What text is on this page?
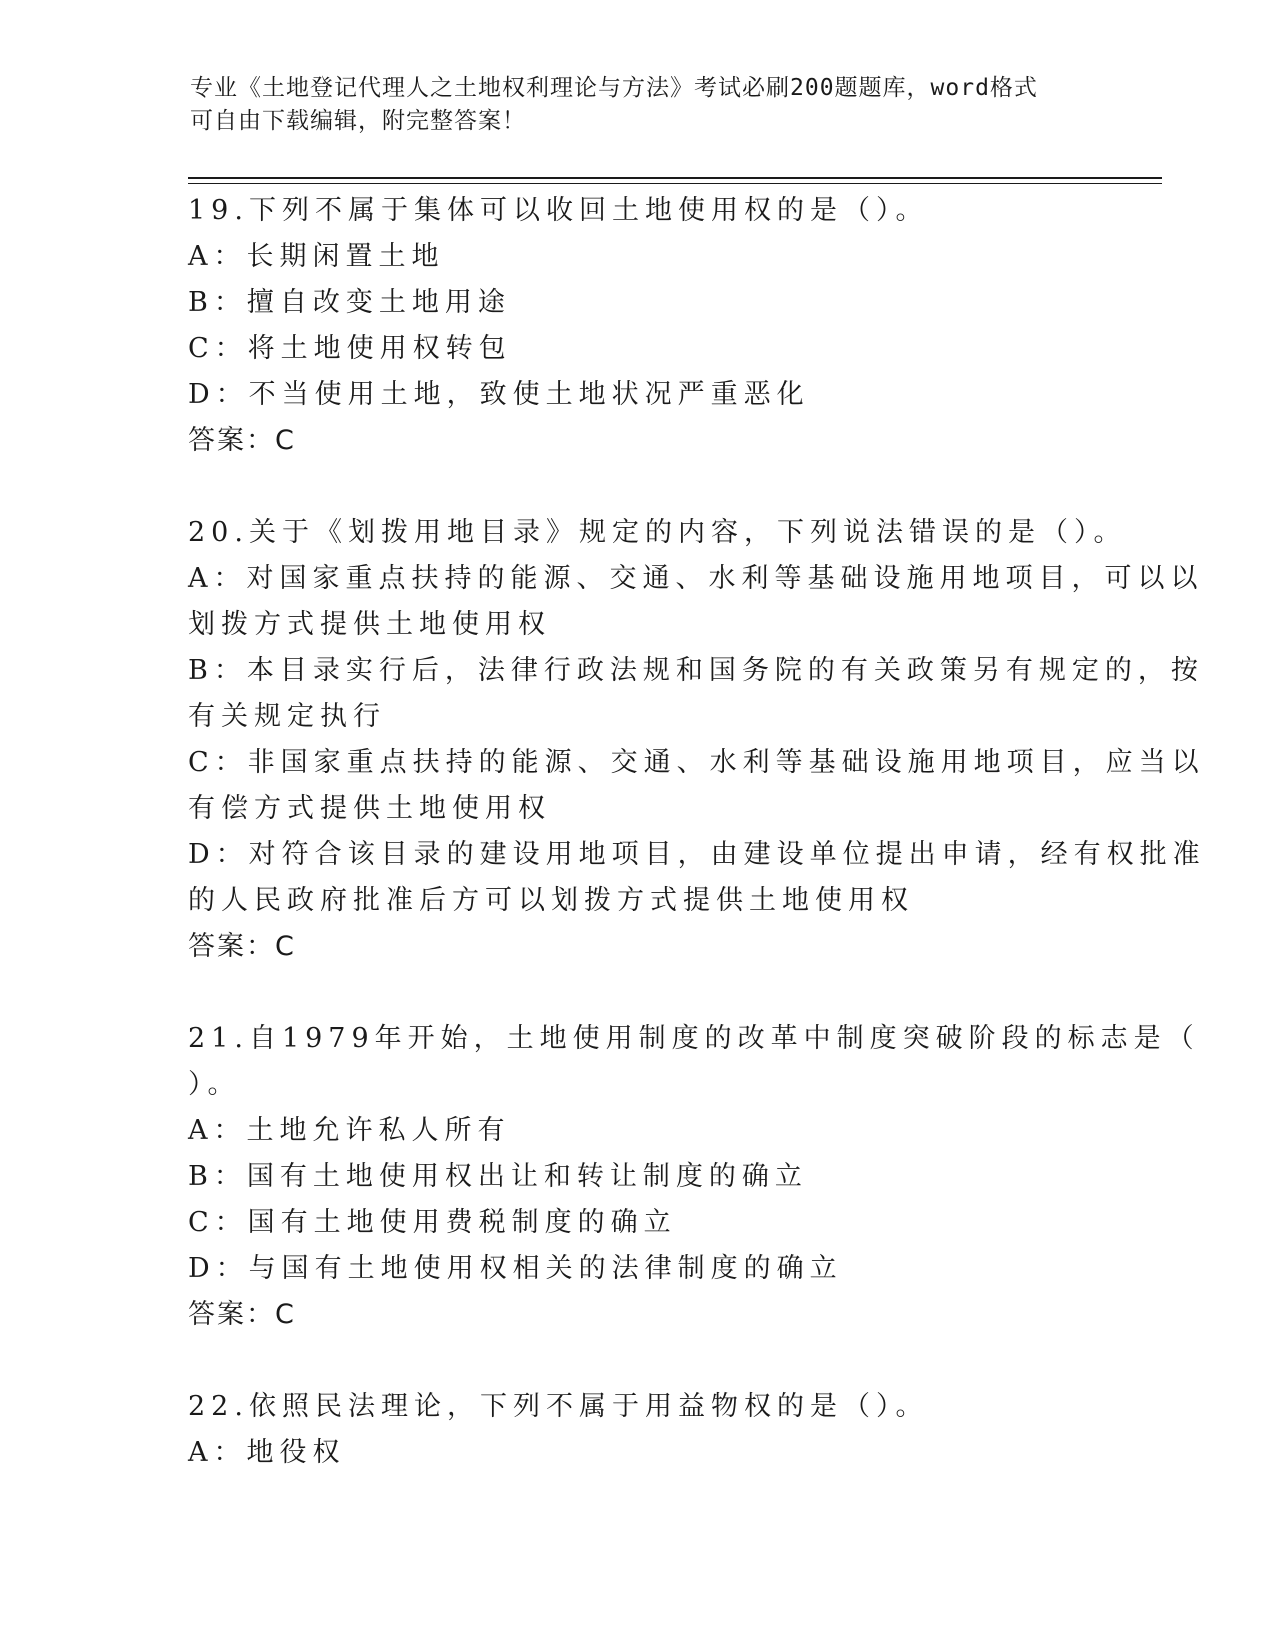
专业《土地登记代理人之土地权利理论与方法》考试必刷200题题库，word格式
可自由下载编辑，附完整答案！
19.下列不属于集体可以收回土地使用权的是（）。
A：长期闲置土地
B：擅自改变土地用途
C：将土地使用权转包
D：不当使用土地，致使土地状况严重恶化
答案：C
20.关于《划拨用地目录》规定的内容，下列说法错误的是（）。
A：对国家重点扶持的能源、交通、水利等基础设施用地项目，可以以
划拨方式提供土地使用权
B：本目录实行后，法律行政法规和国务院的有关政策另有规定的，按
有关规定执行
C：非国家重点扶持的能源、交通、水利等基础设施用地项目，应当以
有偿方式提供土地使用权
D：对符合该目录的建设用地项目，由建设单位提出申请，经有权批准
的人民政府批准后方可以划拨方式提供土地使用权
答案：C
21.自1979年开始，土地使用制度的改革中制度突破阶段的标志是（
）。
A：土地允许私人所有
B：国有土地使用权出让和转让制度的确立
C：国有土地使用费税制度的确立
D：与国有土地使用权相关的法律制度的确立
答案：C
22.依照民法理论，下列不属于用益物权的是（）。
A：地役权
